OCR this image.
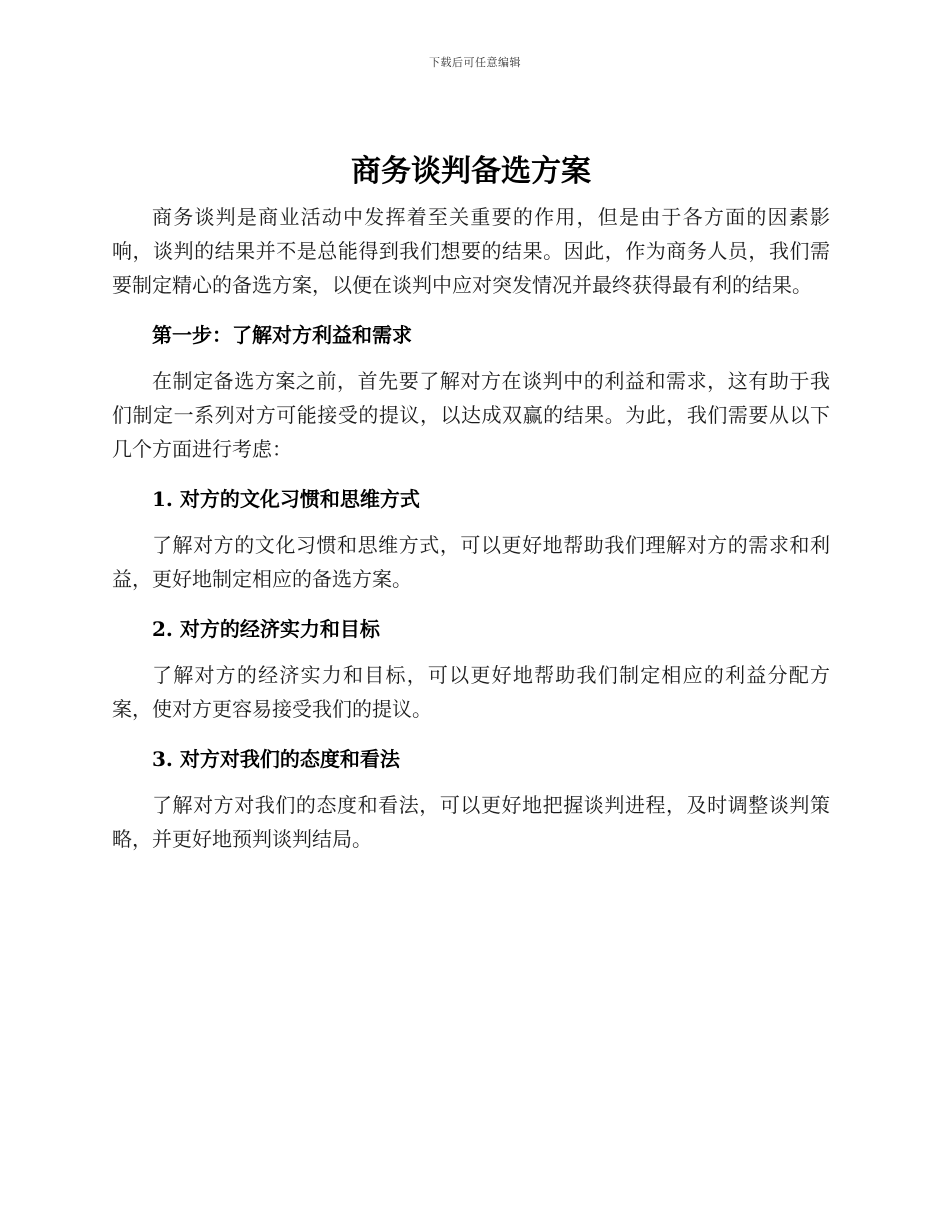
下载后可任意编辑
商务谈判备选方案

商务谈判是商业活动中发挥着至关重要的作用，但是由于各方面的因素影响，谈判的结果并不是总能得到我们想要的结果。因此，作为商务人员，我们需要制定精心的备选方案，以便在谈判中应对突发情况并最终获得最有利的结果。

第一步：了解对方利益和需求

在制定备选方案之前，首先要了解对方在谈判中的利益和需求，这有助于我们制定一系列对方可能接受的提议，以达成双赢的结果。为此，我们需要从以下几个方面进行考虑：

1. 对方的文化习惯和思维方式

了解对方的文化习惯和思维方式，可以更好地帮助我们理解对方的需求和利益，更好地制定相应的备选方案。

2. 对方的经济实力和目标

了解对方的经济实力和目标，可以更好地帮助我们制定相应的利益分配方案，使对方更容易接受我们的提议。

3. 对方对我们的态度和看法

了解对方对我们的态度和看法，可以更好地把握谈判进程，及时调整谈判策略，并更好地预判谈判结局。
